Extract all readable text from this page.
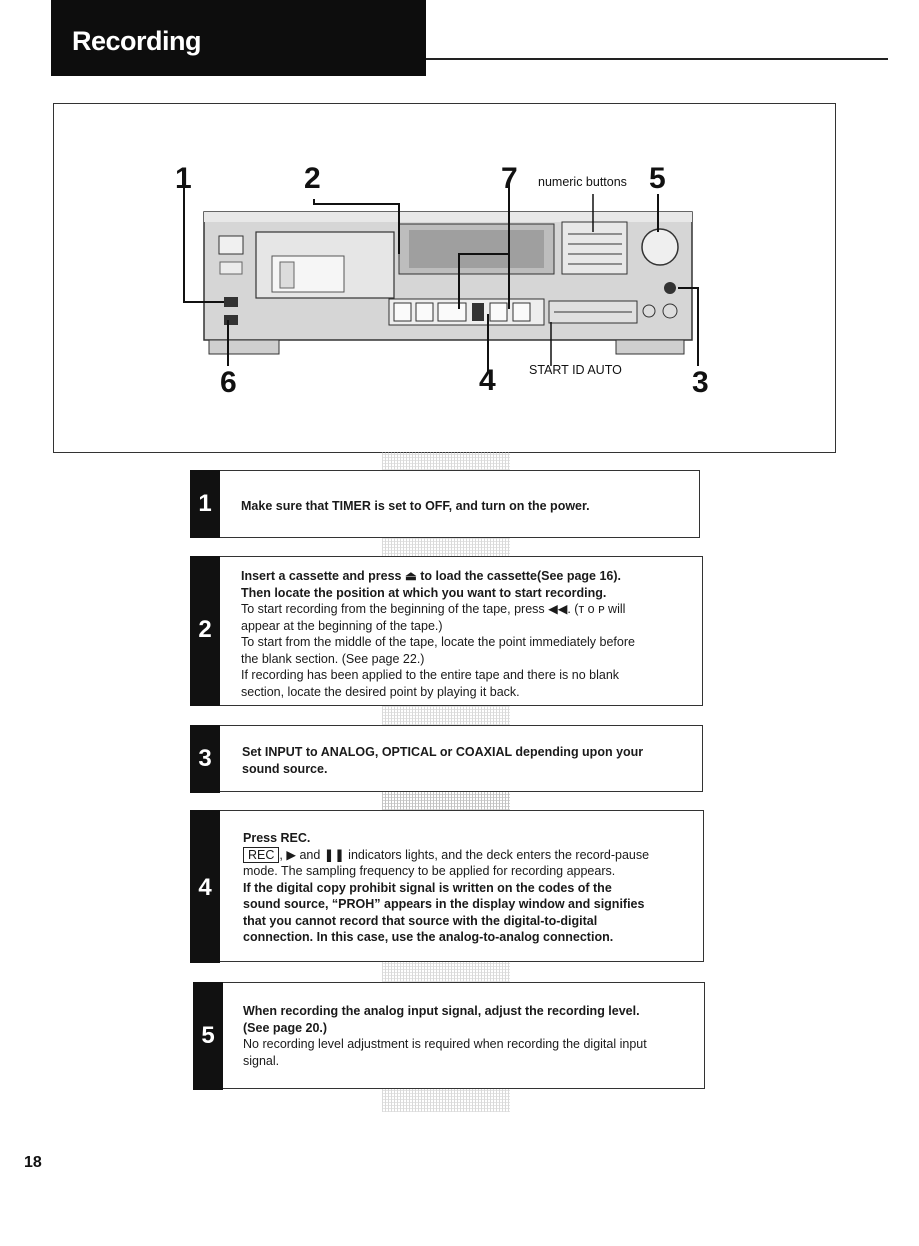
Recording
1	2	7 numeric buttons 5
6	4	START ID AUTO 3
1	Make sure that TIMER is set to OFF, and turn on the power.
2
Insert a cassette and press ⏏ to load the cassette(See page 16).
Then locate the position at which you want to start recording.
To start recording from the beginning of the tape, press ◀◀. (ᴛ ᴏ ᴘ will
appear at the beginning of the tape.)
To start from the middle of the tape, locate the point immediately before
the blank section. (See page 22.)
If recording has been applied to the entire tape and there is no blank
section, locate the desired point by playing it back.
3	Set INPUT to ANALOG, OPTICAL or COAXIAL depending upon your
sound source.
4
Press REC.
REC , ▶ and ❚❚ indicators lights, and the deck enters the record-pause
mode. The sampling frequency to be applied for recording appears.
If the digital copy prohibit signal is written on the codes of the
sound source, “PROH” appears in the display window and signifies
that you cannot record that source with the digital-to-digital
connection. In this case, use the analog-to-analog connection.
5
When recording the analog input signal, adjust the recording level.
(See page 20.)
No recording level adjustment is required when recording the digital input
signal.
18
